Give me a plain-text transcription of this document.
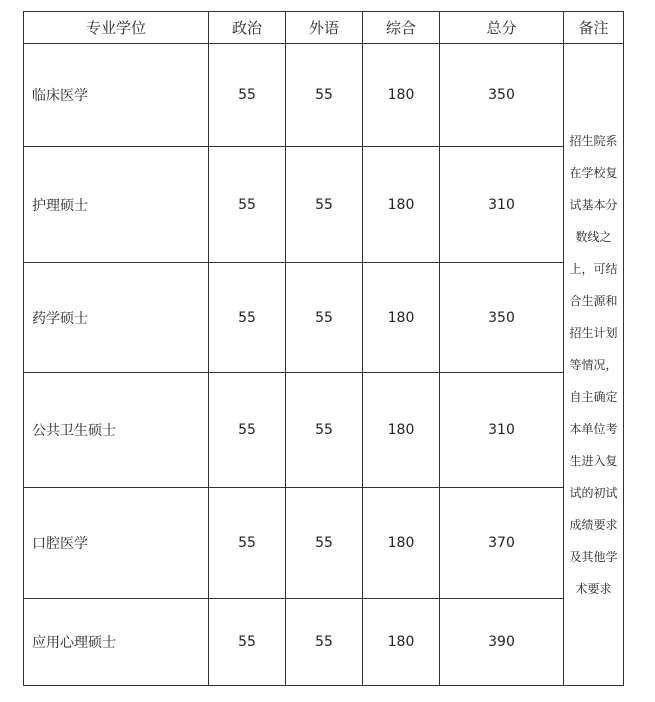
专业学位	政治	外语	综合	总分	备注
临床医学	55	55	180	350	招生院系在学校复试基本分数线之上，可结合生源和招生计划等情况，自主确定本单位考生进入复试的初试成绩要求及其他学术要求
护理硕士	55	55	180	310	
药学硕士	55	55	180	350	
公共卫生硕士	55	55	180	310	
口腔医学	55	55	180	370	
应用心理硕士	55	55	180	390	
